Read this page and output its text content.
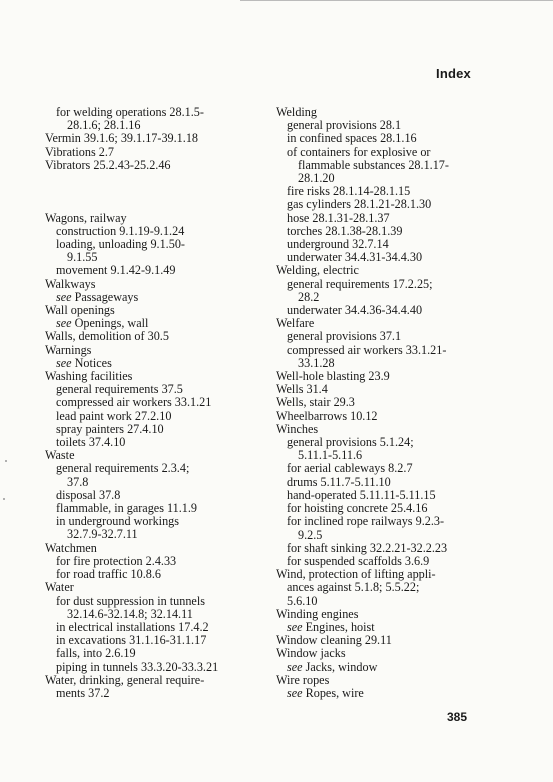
Index
for welding operations 28.1.5-
28.1.6; 28.1.16
Vermin 39.1.6; 39.1.17-39.1.18
Vibrations 2.7
Vibrators 25.2.43-25.2.46
Wagons, railway
construction 9.1.19-9.1.24
loading, unloading 9.1.50-
9.1.55
movement 9.1.42-9.1.49
Walkways
see Passageways
Wall openings
see Openings, wall
Walls, demolition of 30.5
Warnings
see Notices
Washing facilities
general requirements 37.5
compressed air workers 33.1.21
lead paint work 27.2.10
spray painters 27.4.10
toilets 37.4.10
Waste
general requirements 2.3.4;
37.8
disposal 37.8
flammable, in garages 11.1.9
in underground workings
32.7.9-32.7.11
Watchmen
for fire protection 2.4.33
for road traffic 10.8.6
Water
for dust suppression in tunnels
32.14.6-32.14.8; 32.14.11
in electrical installations 17.4.2
in excavations 31.1.16-31.1.17
falls, into 2.6.19
piping in tunnels 33.3.20-33.3.21
Water, drinking, general require-
ments 37.2
Welding
general provisions 28.1
in confined spaces 28.1.16
of containers for explosive or
flammable substances 28.1.17-
28.1.20
fire risks 28.1.14-28.1.15
gas cylinders 28.1.21-28.1.30
hose 28.1.31-28.1.37
torches 28.1.38-28.1.39
underground 32.7.14
underwater 34.4.31-34.4.30
Welding, electric
general requirements 17.2.25;
28.2
underwater 34.4.36-34.4.40
Welfare
general provisions 37.1
compressed air workers 33.1.21-
33.1.28
Well-hole blasting 23.9
Wells 31.4
Wells, stair 29.3
Wheelbarrows 10.12
Winches
general provisions 5.1.24;
5.11.1-5.11.6
for aerial cableways 8.2.7
drums 5.11.7-5.11.10
hand-operated 5.11.11-5.11.15
for hoisting concrete 25.4.16
for inclined rope railways 9.2.3-
9.2.5
for shaft sinking 32.2.21-32.2.23
for suspended scaffolds 3.6.9
Wind, protection of lifting appli-
ances against 5.1.8; 5.5.22;
5.6.10
Winding engines
see Engines, hoist
Window cleaning 29.11
Window jacks
see Jacks, window
Wire ropes
see Ropes, wire
385
